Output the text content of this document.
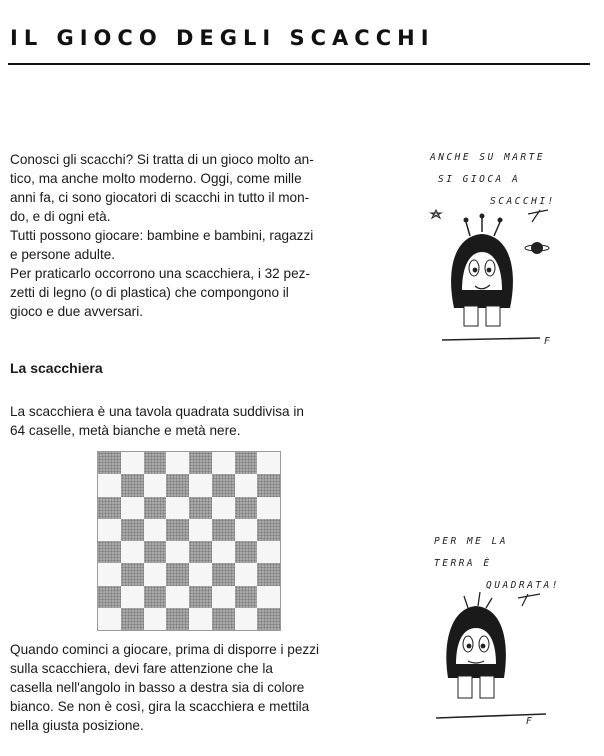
IL GIOCO DEGLI SCACCHI
Conosci gli scacchi? Si tratta di un gioco molto an-
tico, ma anche molto moderno. Oggi, come mille
anni fa, ci sono giocatori di scacchi in tutto il mon-
do, e di ogni età.
Tutti possono giocare: bambine e bambini, ragazzi
e persone adulte.
Per praticarlo occorrono una scacchiera, i 32 pez-
zetti di legno (o di plastica) che compongono il
gioco e due avversari.
La scacchiera
La scacchiera è una tavola quadrata suddivisa in
64 caselle, metà bianche e metà nere.
Quando cominci a giocare, prima di disporre i pezzi
sulla scacchiera, devi fare attenzione che la
casella nell'angolo in basso a destra sia di colore
bianco. Se non è così, gira la scacchiera e mettila
nella giusta posizione.
ANCHE SU MARTE
SI GIOCA A
SCACCHI!
F
PER ME LA
TERRA È
QUADRATA!
F
